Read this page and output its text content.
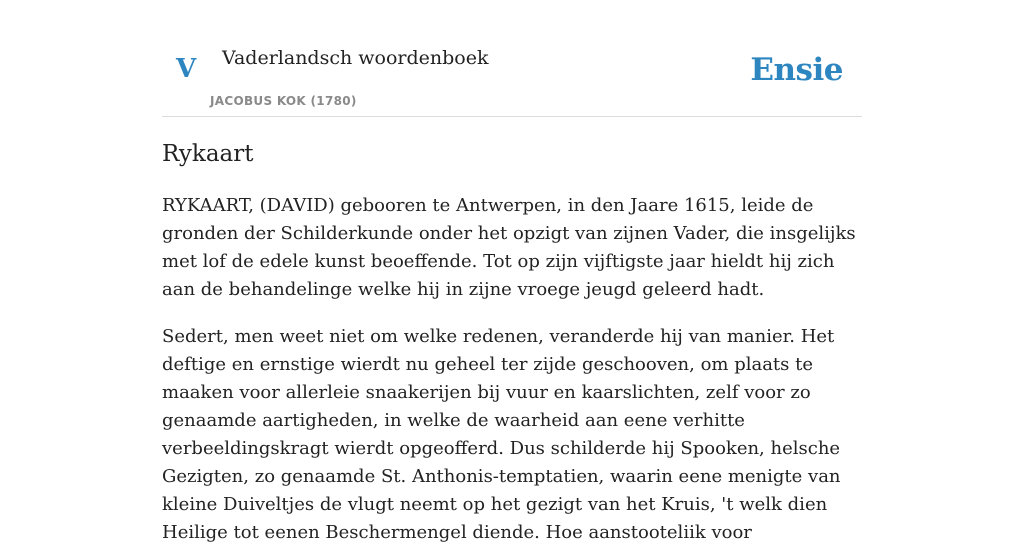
V Vaderlandsch woordenboek
JACOBUS KOK (1780)
Ensie
Rykaart

RYKAART, (DAVID) gebooren te Antwerpen, in den Jaare 1615, leide de gronden der Schilderkunde onder het opzigt van zijnen Vader, die insgelijks met lof de edele kunst beoeffende. Tot op zijn vijftigste jaar hieldt hij zich aan de behandelinge welke hij in zijne vroege jeugd geleerd hadt.

Sedert, men weet niet om welke redenen, veranderde hij van manier. Het deftige en ernstige wierdt nu geheel ter zijde geschooven, om plaats te maaken voor allerleie snaakerijen bij vuur en kaarslichten, zelf voor zo genaamde aartigheden, in welke de waarheid aan eene verhitte verbeeldingskragt wierdt opgeofferd. Dus schilderde hij Spooken, helsche Gezigten, zo genaamde St. Anthonis-temptatien, waarin eene menigte van kleine Duiveltjes de vlugt neemt op het gezigt van het Kruis, 't welk dien Heilige tot eenen Beschermengel diende. Hoe aanstooteliik voor
